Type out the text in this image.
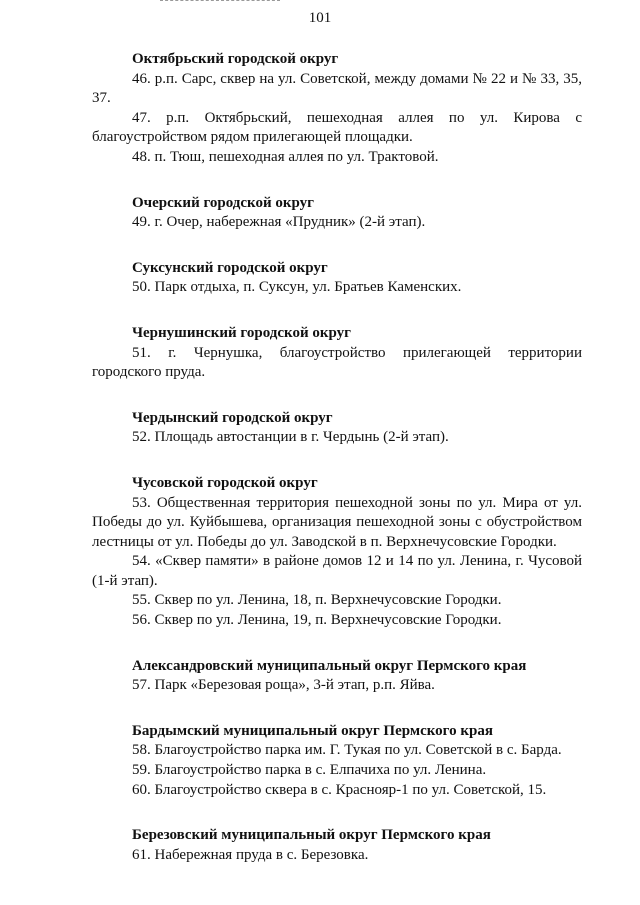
101

Октябрьский городской округ

46. р.п. Сарс, сквер на ул. Советской, между домами № 22 и № 33, 35, 37.

47. р.п. Октябрьский, пешеходная аллея по ул. Кирова с благоустройством рядом прилегающей площадки.

48. п. Тюш, пешеходная аллея по ул. Трактовой.

Очерский городской округ

49. г. Очер, набережная «Прудник» (2-й этап).

Суксунский городской округ

50. Парк отдыха, п. Суксун, ул. Братьев Каменских.

Чернушинский городской округ

51. г. Чернушка, благоустройство прилегающей территории городского пруда.

Чердынский городской округ

52. Площадь автостанции в г. Чердынь (2-й этап).

Чусовской городской округ

53. Общественная территория пешеходной зоны по ул. Мира от ул. Победы до ул. Куйбышева, организация пешеходной зоны с обустройством лестницы от ул. Победы до ул. Заводской в п. Верхнечусовские Городки.

54. «Сквер памяти» в районе домов 12 и 14 по ул. Ленина, г. Чусовой (1-й этап).

55. Сквер по ул. Ленина, 18, п. Верхнечусовские Городки.

56. Сквер по ул. Ленина, 19, п. Верхнечусовские Городки.

Александровский муниципальный округ Пермского края

57. Парк «Березовая роща», 3-й этап, р.п. Яйва.

Бардымский муниципальный округ Пермского края

58. Благоустройство парка им. Г. Тукая по ул. Советской в с. Барда.

59. Благоустройство парка в с. Елпачиха по ул. Ленина.

60. Благоустройство сквера в с. Краснояр-1 по ул. Советской, 15.

Березовский муниципальный округ Пермского края

61. Набережная пруда в с. Березовка.
